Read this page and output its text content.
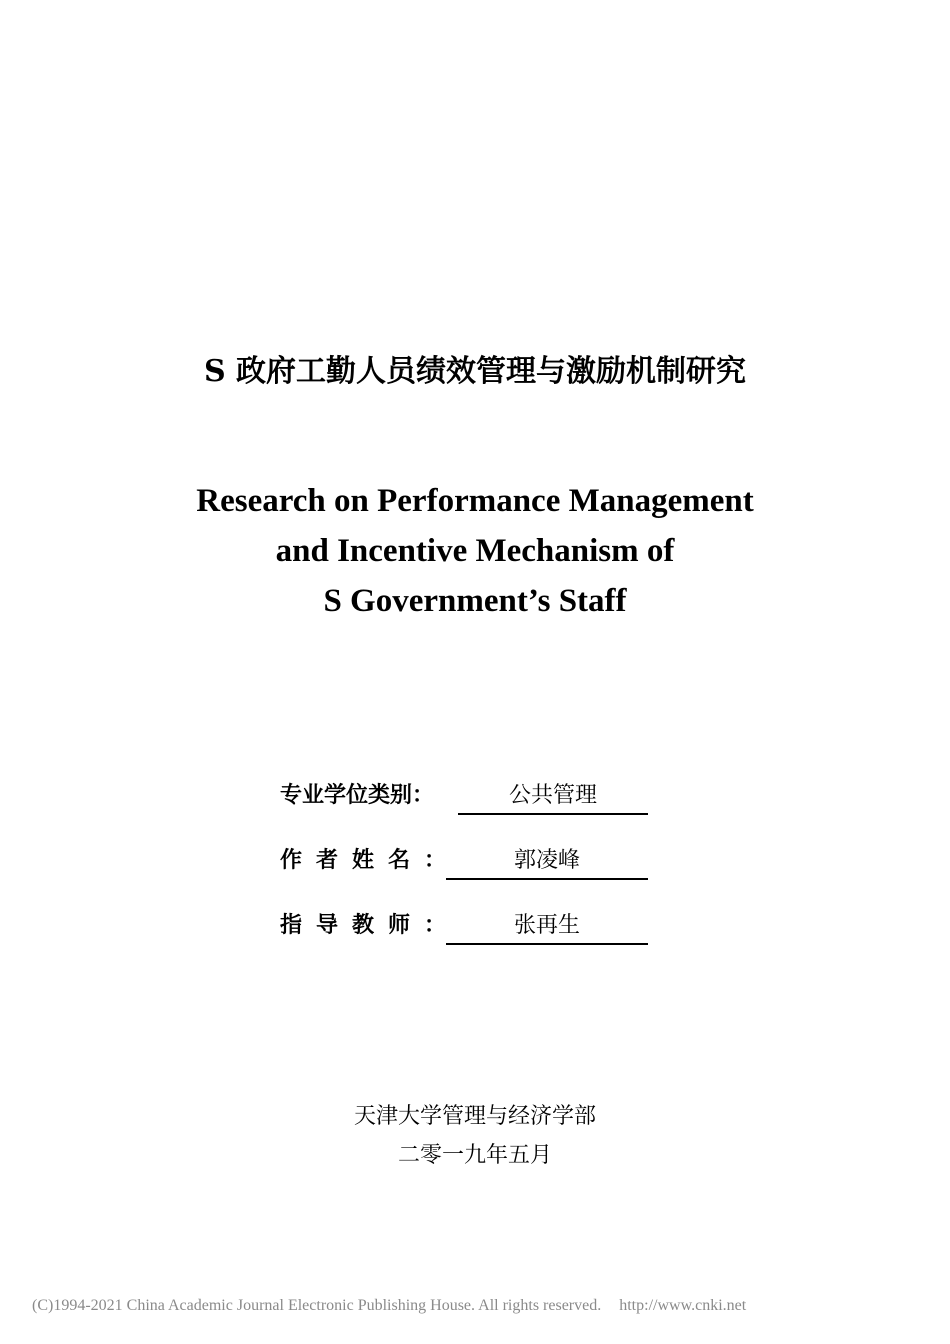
S 政府工勤人员绩效管理与激励机制研究
Research on Performance Management
and Incentive Mechanism of
S Government’s Staff
专业学位类别：	公共管理
作者姓名：	郭凌峰
指导教师：	张再生
天津大学管理与经济学部
二零一九年五月
(C)1994-2021 China Academic Journal Electronic Publishing House. All rights reserved. http://www.cnki.net
